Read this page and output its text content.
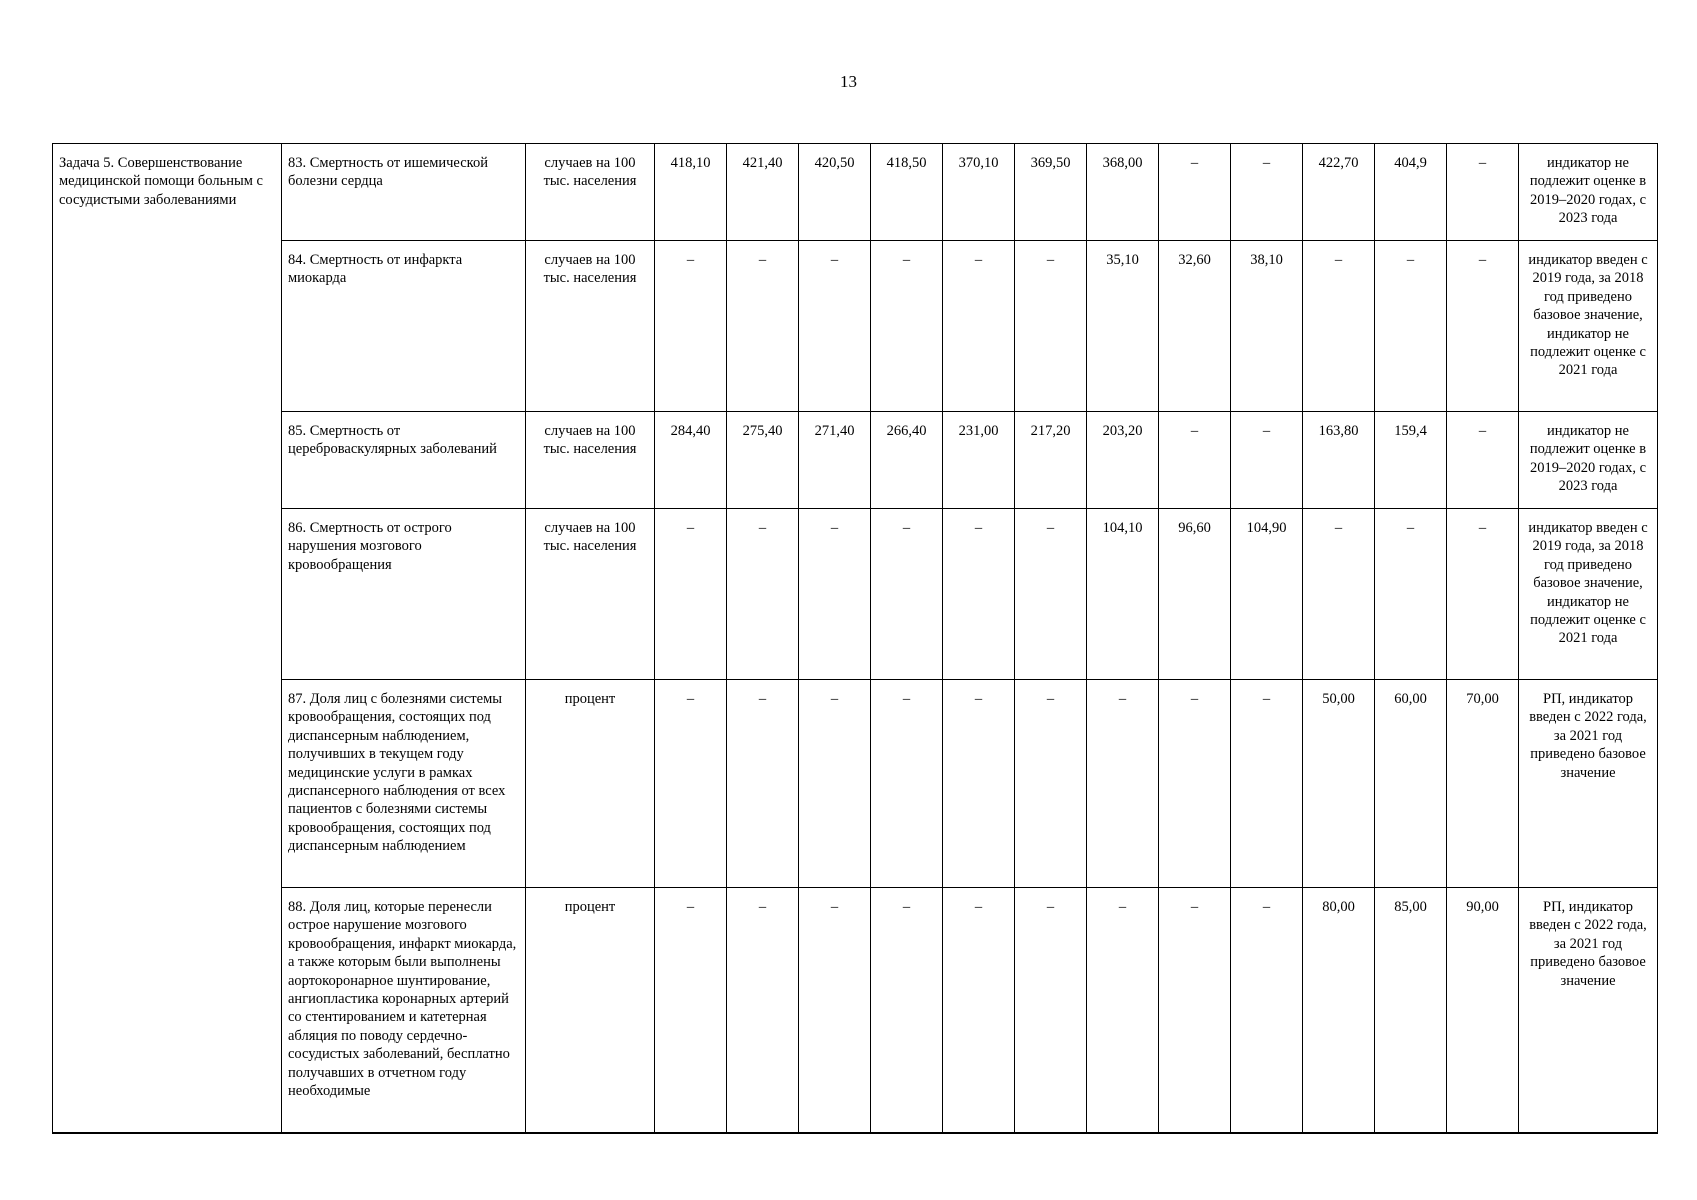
13
Задача 5. Совершенствование медицинской помощи больным с сосудистыми заболеваниями	83. Смертность от ишемической болезни сердца	случаев на 100 тыс. населения	418,10	421,40	420,50	418,50	370,10	369,50	368,00	–	–	422,70	404,9	–	индикатор не подлежит оценке в 2019–2020 годах, с 2023 года
	84. Смертность от инфаркта миокарда	случаев на 100 тыс. населения	–	–	–	–	–	–	35,10	32,60	38,10	–	–	–	индикатор введен с 2019 года, за 2018 год приведено базовое значение, индикатор не подлежит оценке с 2021 года
	85. Смертность от цереброваскулярных заболеваний	случаев на 100 тыс. населения	284,40	275,40	271,40	266,40	231,00	217,20	203,20	–	–	163,80	159,4	–	индикатор не подлежит оценке в 2019–2020 годах, с 2023 года
	86. Смертность от острого нарушения мозгового кровообращения	случаев на 100 тыс. населения	–	–	–	–	–	–	104,10	96,60	104,90	–	–	–	индикатор введен с 2019 года, за 2018 год приведено базовое значение, индикатор не подлежит оценке с 2021 года
	87. Доля лиц с болезнями системы кровообращения, состоящих под диспансерным наблюдением, получивших в текущем году медицинские услуги в рамках диспансерного наблюдения от всех пациентов с болезнями системы кровообращения, состоящих под диспансерным наблюдением	процент	–	–	–	–	–	–	–	–	–	50,00	60,00	70,00	РП, индикатор введен с 2022 года, за 2021 год приведено базовое значение
	88. Доля лиц, которые перенесли острое нарушение мозгового кровообращения, инфаркт миокарда, а также которым были выполнены аортокоронарное шунтирование, ангиопластика коронарных артерий со стентированием и катетерная абляция по поводу сердечно-сосудистых заболеваний, бесплатно получавших в отчетном году необходимые	процент	–	–	–	–	–	–	–	–	–	80,00	85,00	90,00	РП, индикатор введен с 2022 года, за 2021 год приведено базовое значение
